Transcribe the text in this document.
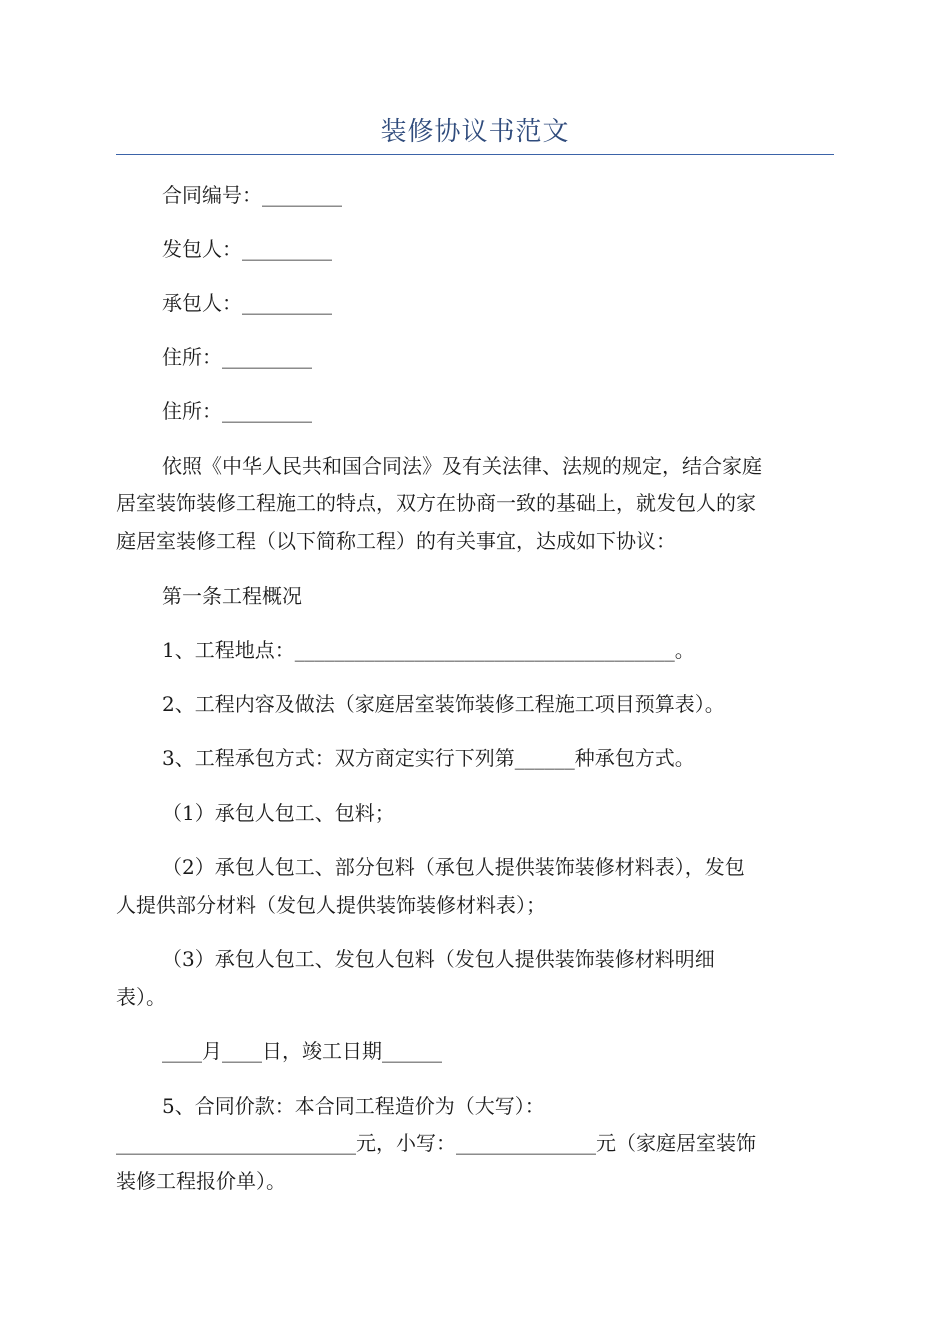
装修协议书范文
合同编号：________
发包人：_________
承包人：_________
住所：_________
住所：_________
依照《中华人民共和国合同法》及有关法律、法规的规定，结合家庭
居室装饰装修工程施工的特点，双方在协商一致的基础上，就发包人的家
庭居室装修工程（以下简称工程）的有关事宜，达成如下协议：
第一条工程概况
1、工程地点：______________________________________。
2、工程内容及做法（家庭居室装饰装修工程施工项目预算表）。
3、工程承包方式：双方商定实行下列第______种承包方式。
（1）承包人包工、包料；
（2）承包人包工、部分包料（承包人提供装饰装修材料表），发包
人提供部分材料（发包人提供装饰装修材料表）；
（3）承包人包工、发包人包料（发包人提供装饰装修材料明细
表）。
____月____日，竣工日期______
5、合同价款：本合同工程造价为（大写）：
________________________元，小写：______________元（家庭居室装饰
装修工程报价单）。
